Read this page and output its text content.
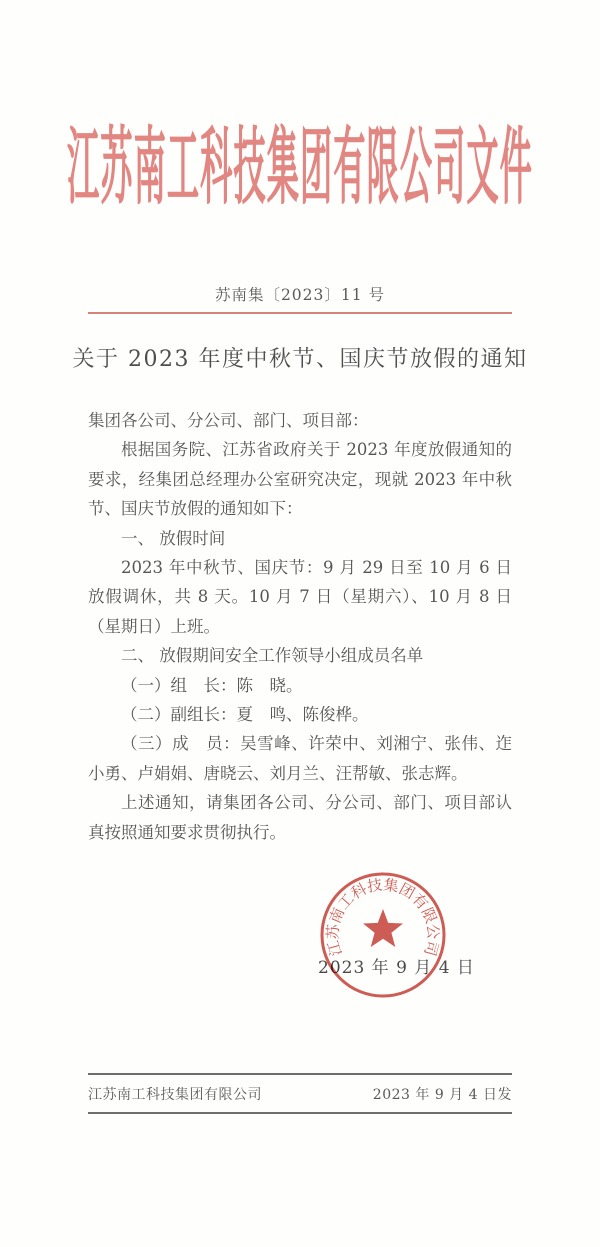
江苏南工科技集团有限公司文件
苏南集〔2023〕11 号
关于 2023 年度中秋节、国庆节放假的通知

集团各公司、分公司、部门、项目部：

根据国务院、江苏省政府关于 2023 年度放假通知的要求，经集团总经理办公室研究决定，现就 2023 年中秋节、国庆节放假的通知如下：

一、 放假时间

2023 年中秋节、国庆节：9 月 29 日至 10 月 6 日放假调休，共 8 天。10 月 7 日（星期六）、10 月 8 日（星期日）上班。

二、 放假期间安全工作领导小组成员名单

（一）组　长：陈　晓。

（二）副组长：夏　鸣、陈俊桦。

（三）成　员：吴雪峰、许荣中、刘湘宁、张伟、迮小勇、卢娟娟、唐晓云、刘月兰、汪帮敏、张志辉。

上述通知，请集团各公司、分公司、部门、项目部认真按照通知要求贯彻执行。

2023 年 9 月 4 日
江苏南工科技集团有限公司
江苏南工科技集团有限公司	2023 年 9 月 4 日发
